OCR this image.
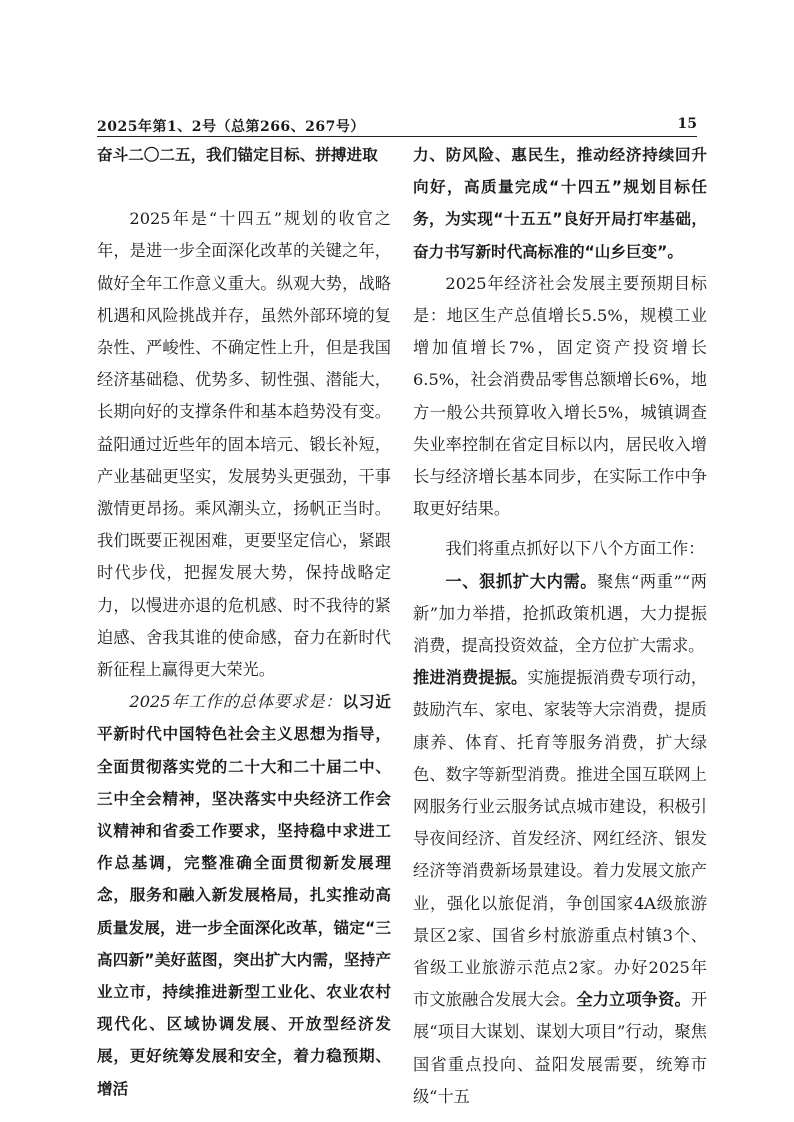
2025年第1、2号（总第266、267号）	15

奋斗二〇二五，我们锚定目标、拼搏进取

2025年是“十四五”规划的收官之年，是进一步全面深化改革的关键之年，做好全年工作意义重大。纵观大势，战略机遇和风险挑战并存，虽然外部环境的复杂性、严峻性、不确定性上升，但是我国经济基础稳、优势多、韧性强、潜能大，长期向好的支撑条件和基本趋势没有变。益阳通过近些年的固本培元、锻长补短，产业基础更坚实，发展势头更强劲，干事激情更昂扬。乘风潮头立，扬帆正当时。我们既要正视困难，更要坚定信心，紧跟时代步伐，把握发展大势，保持战略定力，以慢进亦退的危机感、时不我待的紧迫感、舍我其谁的使命感，奋力在新时代新征程上赢得更大荣光。

2025年工作的总体要求是：以习近平新时代中国特色社会主义思想为指导，全面贯彻落实党的二十大和二十届二中、三中全会精神，坚决落实中央经济工作会议精神和省委工作要求，坚持稳中求进工作总基调，完整准确全面贯彻新发展理念，服务和融入新发展格局，扎实推动高质量发展，进一步全面深化改革，锚定“三高四新”美好蓝图，突出扩大内需，坚持产业立市，持续推进新型工业化、农业农村现代化、区域协调发展、开放型经济发展，更好统筹发展和安全，着力稳预期、增活

力、防风险、惠民生，推动经济持续回升向好，高质量完成“十四五”规划目标任务，为实现“十五五”良好开局打牢基础，奋力书写新时代高标准的“山乡巨变”。

2025年经济社会发展主要预期目标是：地区生产总值增长5.5%，规模工业增加值增长7%，固定资产投资增长6.5%，社会消费品零售总额增长6%，地方一般公共预算收入增长5%，城镇调查失业率控制在省定目标以内，居民收入增长与经济增长基本同步，在实际工作中争取更好结果。

我们将重点抓好以下八个方面工作：

一、狠抓扩大内需。聚焦“两重”“两新”加力举措，抢抓政策机遇，大力提振消费，提高投资效益，全方位扩大需求。

推进消费提振。实施提振消费专项行动，鼓励汽车、家电、家装等大宗消费，提质康养、体育、托育等服务消费，扩大绿色、数字等新型消费。推进全国互联网上网服务行业云服务试点城市建设，积极引导夜间经济、首发经济、网红经济、银发经济等消费新场景建设。着力发展文旅产业，强化以旅促消，争创国家4A级旅游景区2家、国省乡村旅游重点村镇3个、省级工业旅游示范点2家。办好2025年市文旅融合发展大会。全力立项争资。开展“项目大谋划、谋划大项目”行动，聚焦国省重点投向、益阳发展需要，统筹市级“十五
